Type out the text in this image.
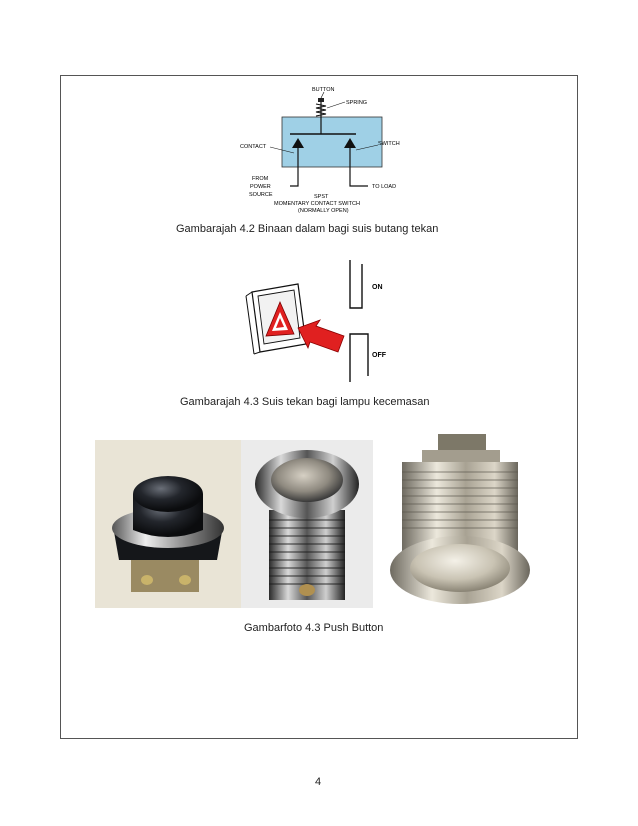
BUTTON
SPRING
CONTACT	SWITCH
FROM
POWER
SOURCE
TO LOAD
SPST
MOMENTARY CONTACT SWITCH
(NORMALLY OPEN)
Gambarajah 4.2 Binaan dalam bagi suis butang tekan
ON
OFF
Gambarajah 4.3 Suis tekan bagi lampu kecemasan
Gambarfoto 4.3 Push Button
4
